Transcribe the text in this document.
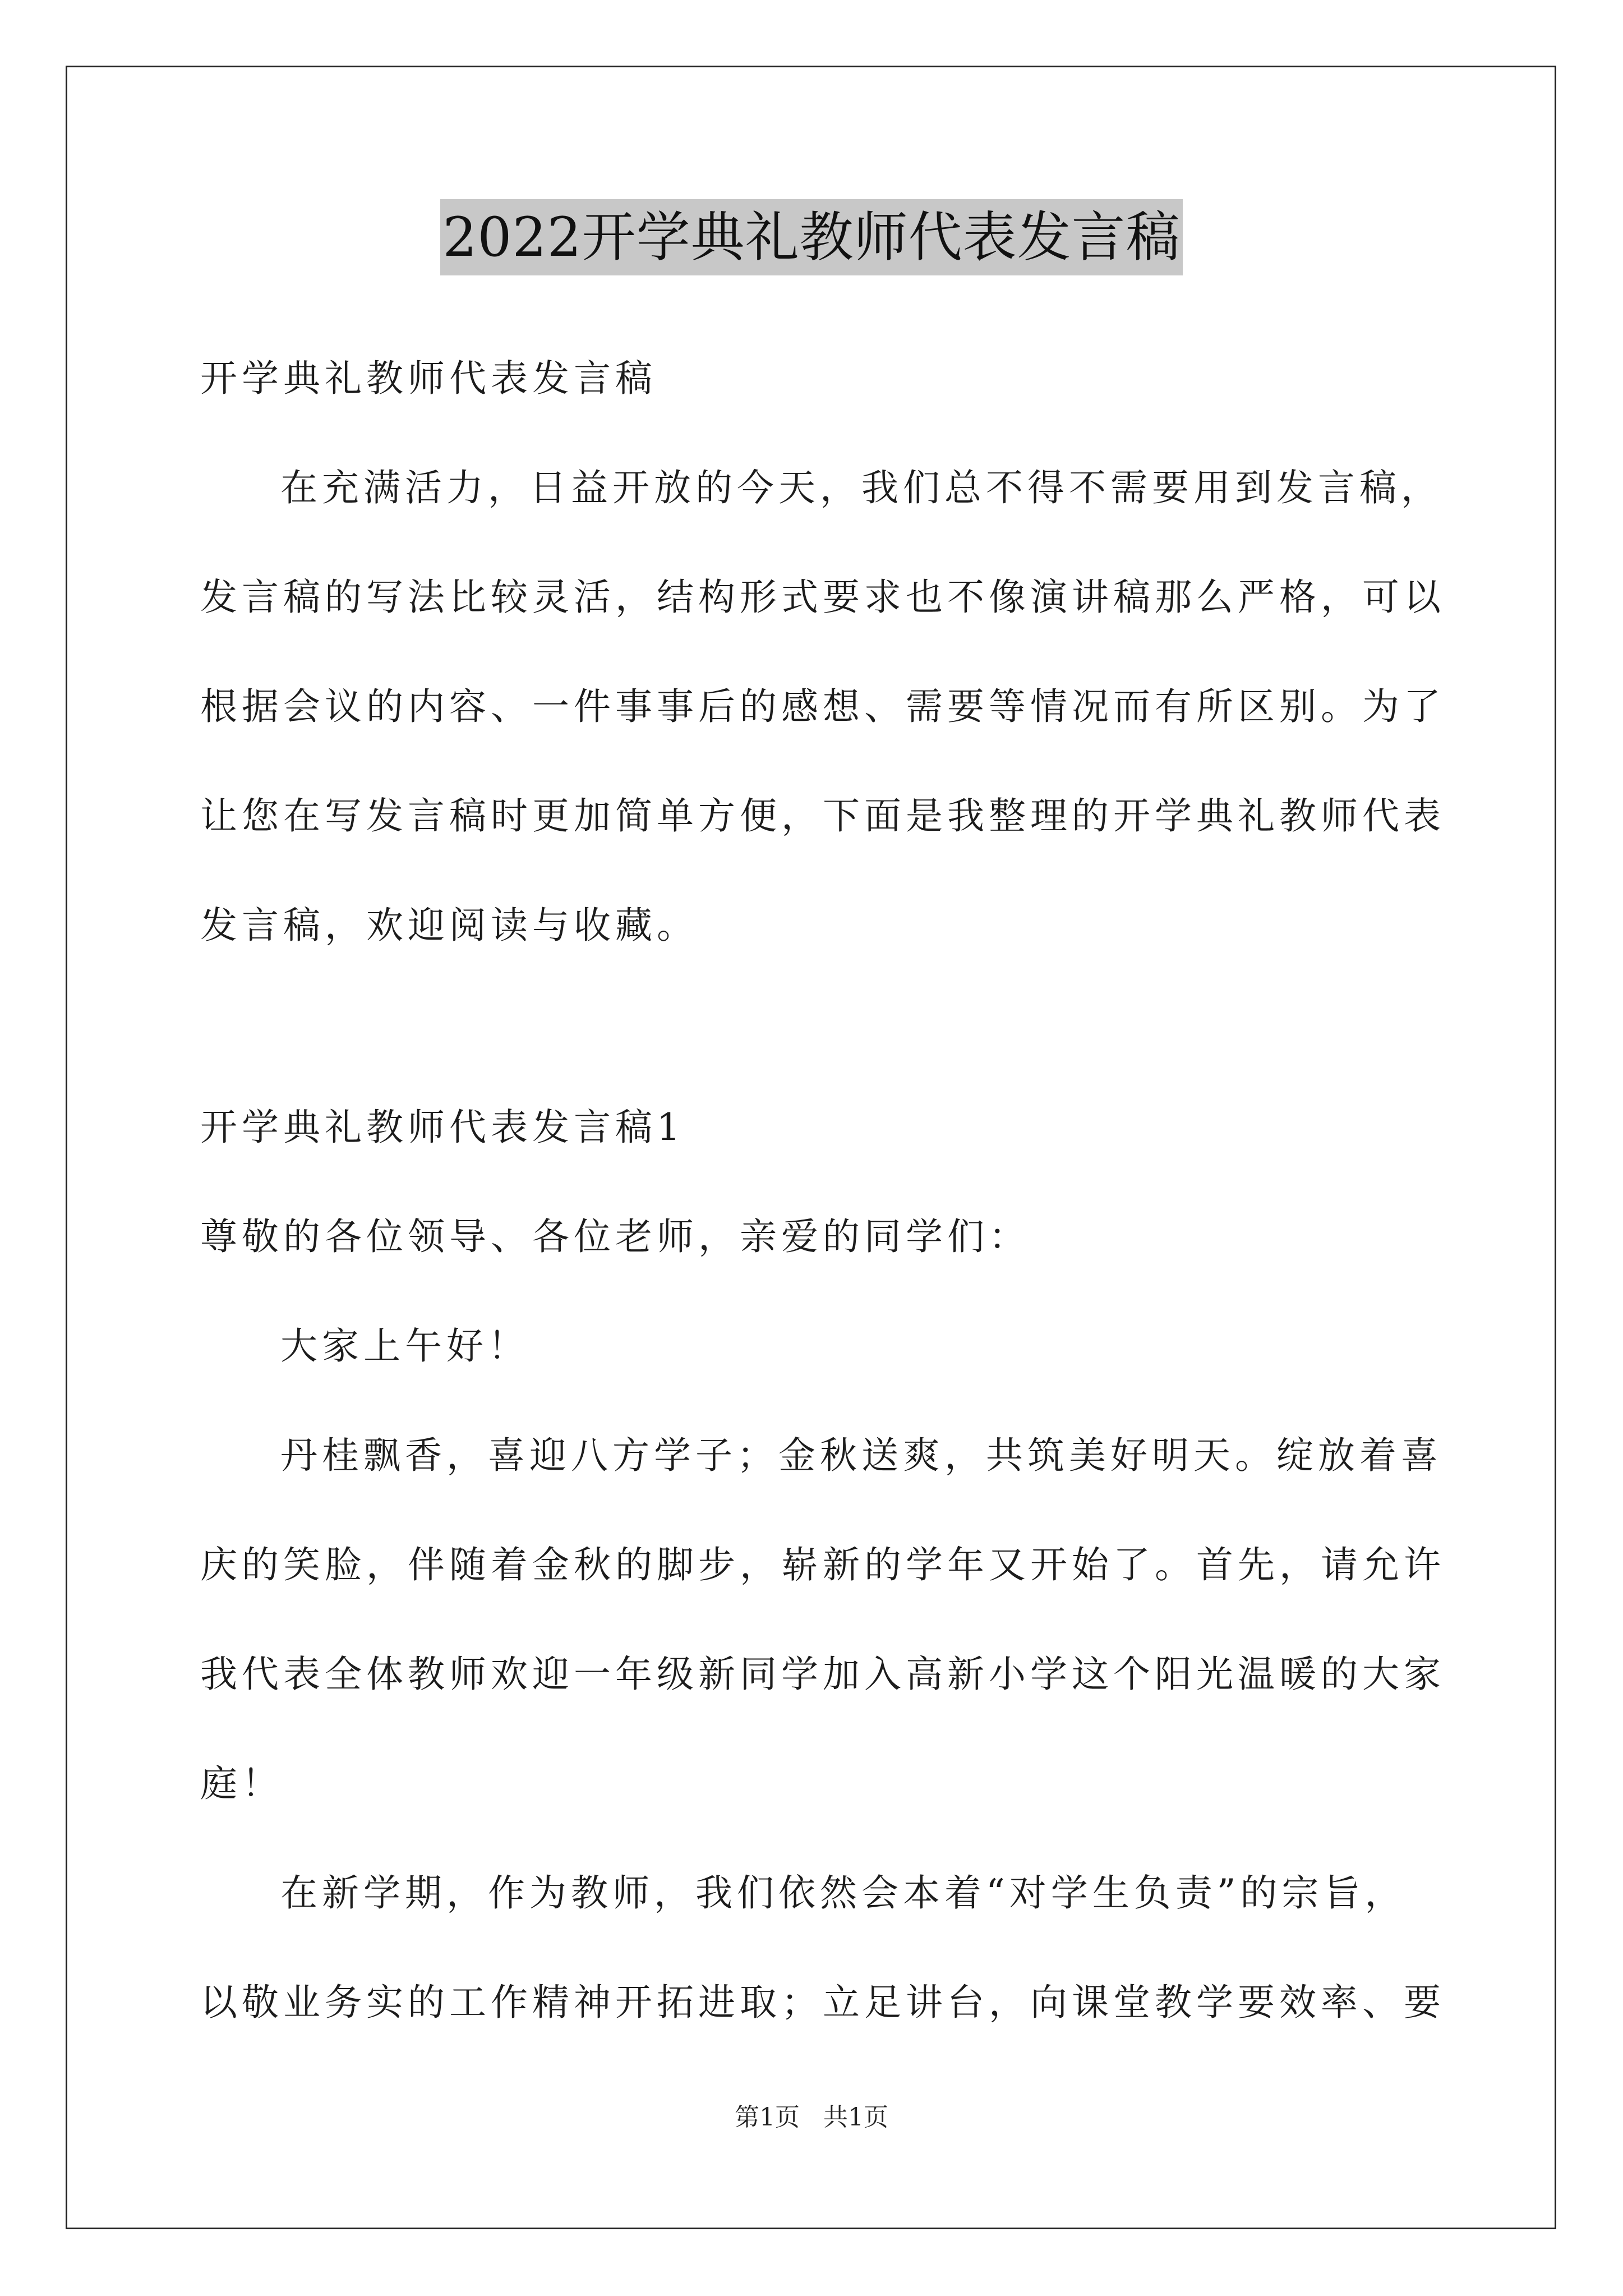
2022开学典礼教师代表发言稿
开学典礼教师代表发言稿
在充满活力，日益开放的今天，我们总不得不需要用到发言稿，
发言稿的写法比较灵活，结构形式要求也不像演讲稿那么严格，可以
根据会议的内容、一件事事后的感想、需要等情况而有所区别。为了
让您在写发言稿时更加简单方便，下面是我整理的开学典礼教师代表
发言稿，欢迎阅读与收藏。
开学典礼教师代表发言稿1
尊敬的各位领导、各位老师，亲爱的同学们：
大家上午好！
丹桂飘香，喜迎八方学子；金秋送爽，共筑美好明天。绽放着喜
庆的笑脸，伴随着金秋的脚步，崭新的学年又开始了。首先，请允许
我代表全体教师欢迎一年级新同学加入高新小学这个阳光温暖的大家
庭！
在新学期，作为教师，我们依然会本着“对学生负责”的宗旨，
以敬业务实的工作精神开拓进取；立足讲台，向课堂教学要效率、要
第1页 共1页
